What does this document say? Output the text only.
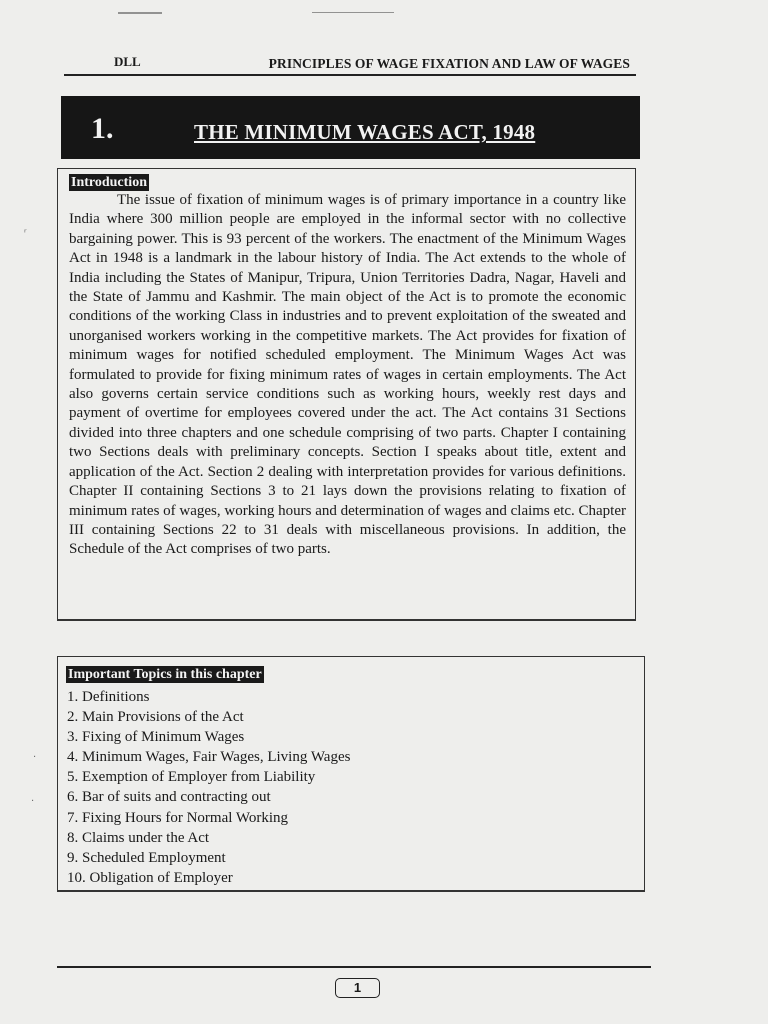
DLL	PRINCIPLES OF WAGE FIXATION AND LAW OF WAGES
1.	THE MINIMUM WAGES ACT, 1948
Introduction

The issue of fixation of minimum wages is of primary importance in a country like India where 300 million people are employed in the informal sector with no collective bargaining power. This is 93 percent of the workers. The enactment of the Minimum Wages Act in 1948 is a landmark in the labour history of India. The Act extends to the whole of India including the States of Manipur, Tripura, Union Territories Dadra, Nagar, Haveli and the State of Jammu and Kashmir. The main object of the Act is to promote the economic conditions of the working Class in industries and to prevent exploitation of the sweated and unorganised workers working in the competitive markets. The Act provides for fixation of minimum wages for notified scheduled employment. The Minimum Wages Act was formulated to provide for fixing minimum rates of wages in certain employments. The Act also governs certain service conditions such as working hours, weekly rest days and payment of overtime for employees covered under the act. The Act contains 31 Sections divided into three chapters and one schedule comprising of two parts. Chapter I containing two Sections deals with preliminary concepts. Section I speaks about title, extent and application of the Act. Section 2 dealing with interpretation provides for various definitions. Chapter II containing Sections 3 to 21 lays down the provisions relating to fixation of minimum rates of wages, working hours and determination of wages and claims etc. Chapter III containing Sections 22 to 31 deals with miscellaneous provisions. In addition, the Schedule of the Act comprises of two parts.

Important Topics in this chapter
1. Definitions
2. Main Provisions of the Act
3. Fixing of Minimum Wages
4. Minimum Wages, Fair Wages, Living Wages
5. Exemption of Employer from Liability
6. Bar of suits and contracting out
7. Fixing Hours for Normal Working
8. Claims under the Act
9. Scheduled Employment
10. Obligation of Employer
1
ʳ
·
·
